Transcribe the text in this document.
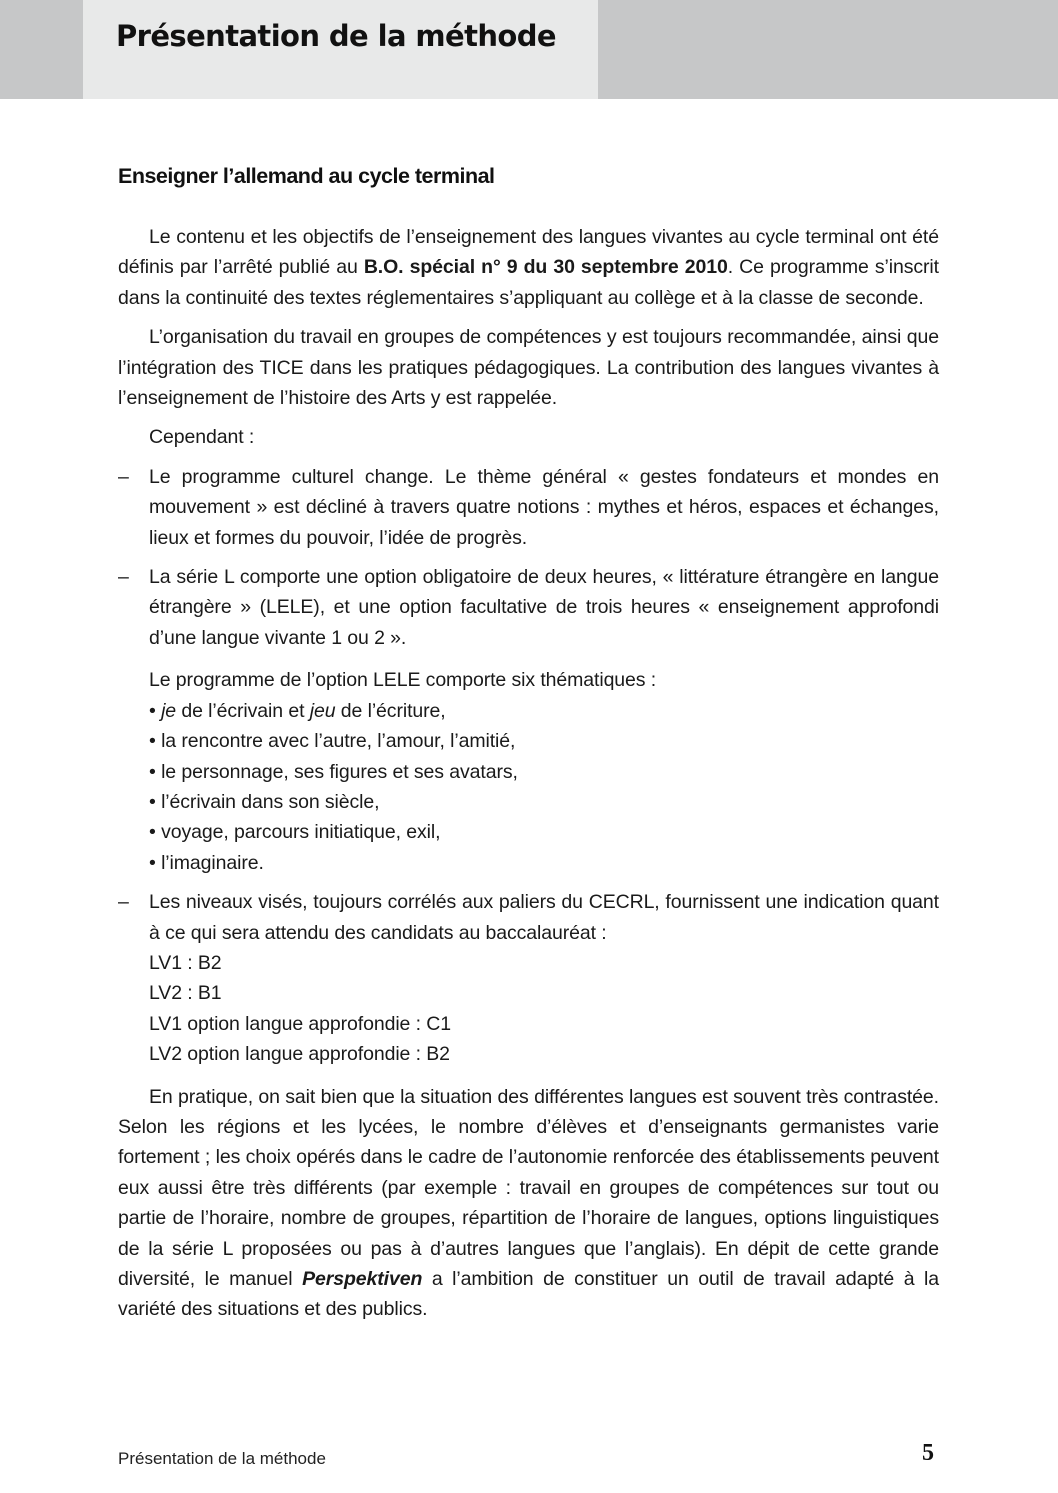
Présentation de la méthode
Enseigner l’allemand au cycle terminal

Le contenu et les objectifs de l’enseignement des langues vivantes au cycle terminal ont été définis par l’arrêté publié au B.O. spécial n° 9 du 30 septembre 2010. Ce programme s’inscrit dans la continuité des textes réglementaires s’appliquant au collège et à la classe de seconde.

L’organisation du travail en groupes de compétences y est toujours recommandée, ainsi que l’intégration des TICE dans les pratiques pédagogiques. La contribution des langues vivantes à l’enseignement de l’histoire des Arts y est rappelée.

Cependant :

– Le programme culturel change. Le thème général « gestes fondateurs et mondes en mouvement » est décliné à travers quatre notions : mythes et héros, espaces et échanges, lieux et formes du pouvoir, l’idée de progrès.

– La série L comporte une option obligatoire de deux heures, « littérature étrangère en langue étrangère » (LELE), et une option facultative de trois heures « enseignement approfondi d’une langue vivante 1 ou 2 ».

Le programme de l’option LELE comporte six thématiques :

• je de l’écrivain et jeu de l’écriture,

• la rencontre avec l’autre, l’amour, l’amitié,

• le personnage, ses figures et ses avatars,

• l’écrivain dans son siècle,

• voyage, parcours initiatique, exil,

• l’imaginaire.

– Les niveaux visés, toujours corrélés aux paliers du CECRL, fournissent une indication quant à ce qui sera attendu des candidats au baccalauréat :

LV1 : B2

LV2 : B1

LV1 option langue approfondie : C1

LV2 option langue approfondie : B2

En pratique, on sait bien que la situation des différentes langues est souvent très contrastée. Selon les régions et les lycées, le nombre d’élèves et d’enseignants germanistes varie fortement ; les choix opérés dans le cadre de l’autonomie renforcée des établissements peuvent eux aussi être très différents (par exemple : travail en groupes de compétences sur tout ou partie de l’horaire, nombre de groupes, répartition de l’horaire de langues, options linguistiques de la série L proposées ou pas à d’autres langues que l’anglais). En dépit de cette grande diversité, le manuel Perspektiven a l’ambition de constituer un outil de travail adapté à la variété des situations et des publics.

Présentation de la méthode	5
